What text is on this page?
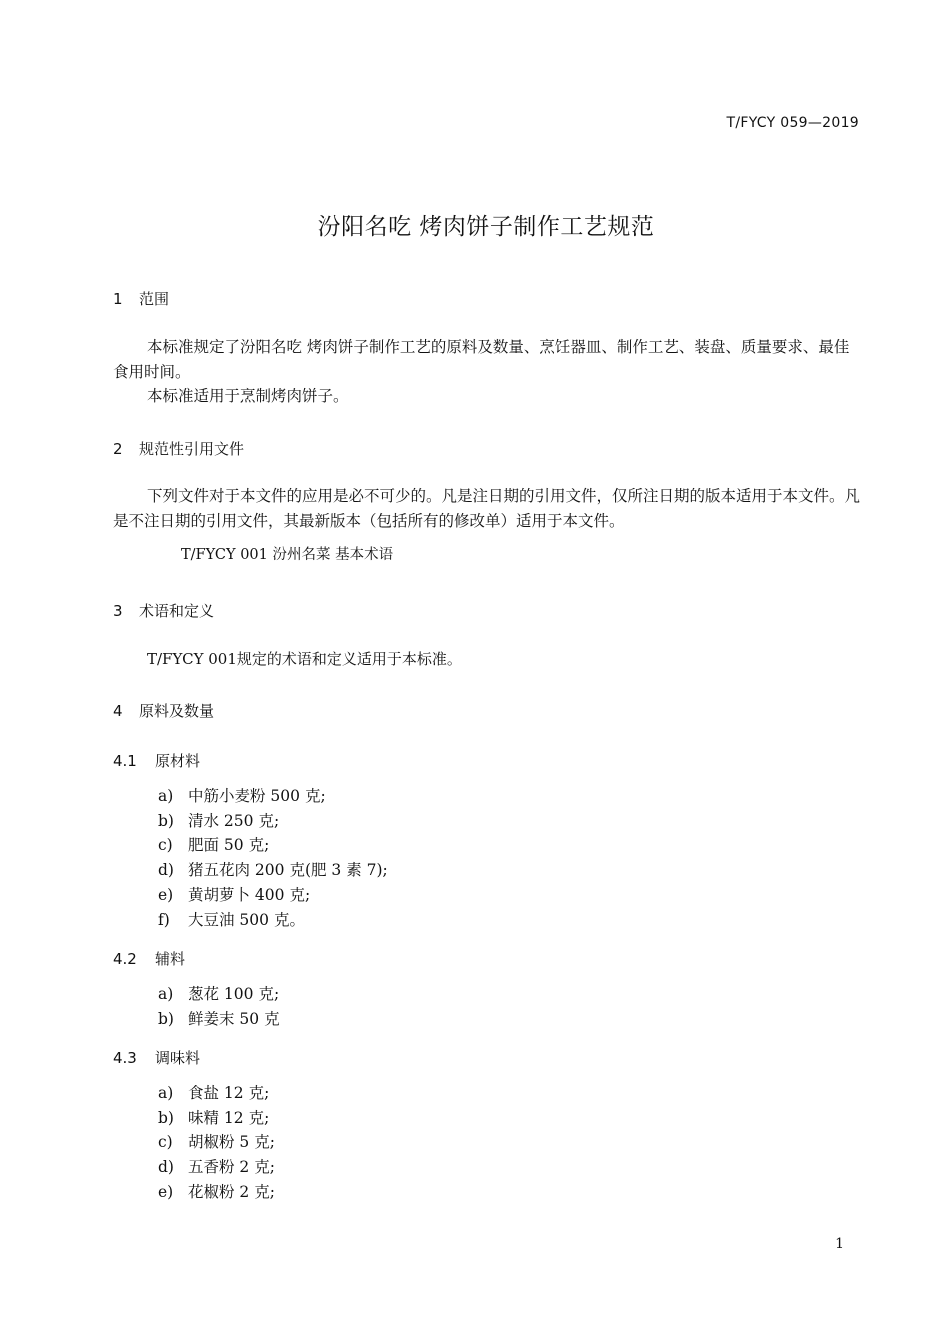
T/FYCY 059—2019
汾阳名吃 烤肉饼子制作工艺规范
1 范围
本标准规定了汾阳名吃 烤肉饼子制作工艺的原料及数量、烹饪器皿、制作工艺、装盘、质量要求、最佳食用时间。
本标准适用于烹制烤肉饼子。
2 规范性引用文件
下列文件对于本文件的应用是必不可少的。凡是注日期的引用文件，仅所注日期的版本适用于本文件。凡是不注日期的引用文件，其最新版本（包括所有的修改单）适用于本文件。
T/FYCY 001 汾州名菜 基本术语
3 术语和定义
T/FYCY 001规定的术语和定义适用于本标准。
4 原料及数量
4.1 原材料
a) 中筋小麦粉 500 克;
b) 清水 250 克;
c) 肥面 50 克;
d) 猪五花肉 200 克(肥 3 素 7);
e) 黄胡萝卜 400 克;
f) 大豆油 500 克。
4.2 辅料
a) 葱花 100 克;
b) 鲜姜末 50 克
4.3 调味料
a) 食盐 12 克;
b) 味精 12 克;
c) 胡椒粉 5 克;
d) 五香粉 2 克;
e) 花椒粉 2 克;
1
